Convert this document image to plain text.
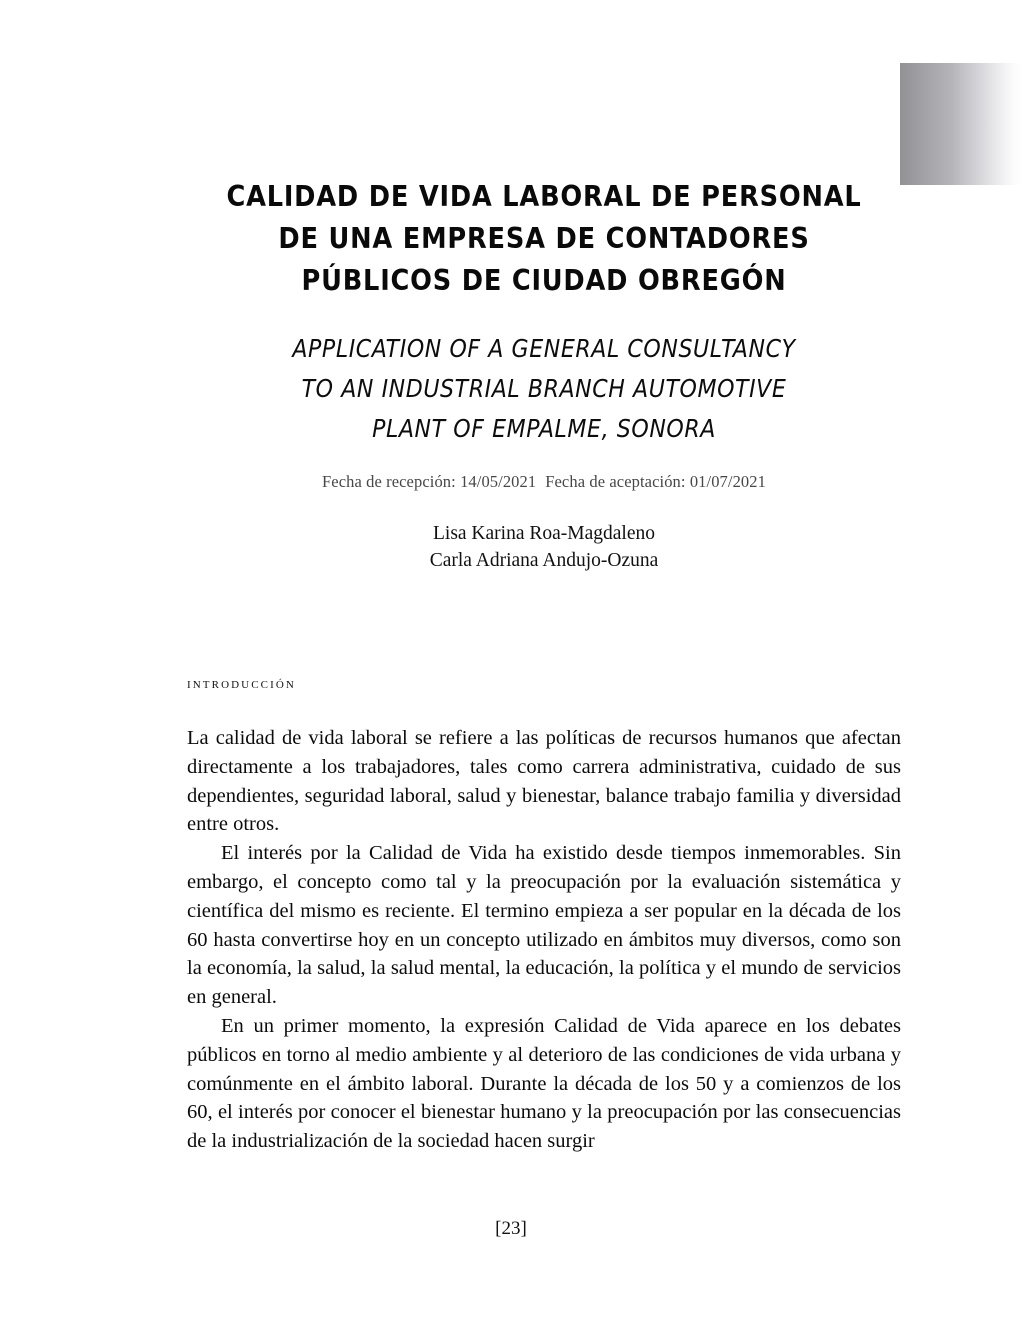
CALIDAD DE VIDA LABORAL DE PERSONAL
DE UNA EMPRESA DE CONTADORES
PÚBLICOS DE CIUDAD OBREGÓN
APPLICATION OF A GENERAL CONSULTANCY
TO AN INDUSTRIAL BRANCH AUTOMOTIVE
PLANT OF EMPALME, SONORA
Fecha de recepción: 14/05/2021 Fecha de aceptación: 01/07/2021
Lisa Karina Roa-Magdaleno
Carla Adriana Andujo-Ozuna
introducción

La calidad de vida laboral se refiere a las políticas de recursos humanos que afectan directamente a los trabajadores, tales como carrera administrativa, cuidado de sus dependientes, seguridad laboral, salud y bienestar, balance trabajo familia y diversidad entre otros.

El interés por la Calidad de Vida ha existido desde tiempos inmemorables. Sin embargo, el concepto como tal y la preocupación por la evaluación sistemática y científica del mismo es reciente. El termino empieza a ser popular en la década de los 60 hasta convertirse hoy en un concepto utilizado en ámbitos muy diversos, como son la economía, la salud, la salud mental, la educación, la política y el mundo de servicios en general.

En un primer momento, la expresión Calidad de Vida aparece en los debates públicos en torno al medio ambiente y al deterioro de las condiciones de vida urbana y comúnmente en el ámbito laboral. Durante la década de los 50 y a comienzos de los 60, el interés por conocer el bienestar humano y la preocupación por las consecuencias de la industrialización de la sociedad hacen surgir

[23]
